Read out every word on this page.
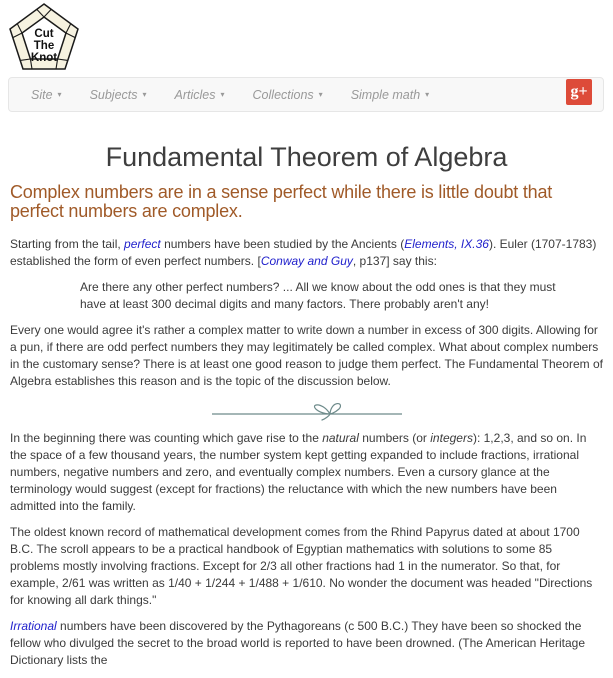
Cut
The
Knot
Site ▾ Subjects ▾ Articles ▾ Collections ▾ Simple math ▾	g+
Fundamental Theorem of Algebra
Complex numbers are in a sense perfect while there is little doubt that perfect numbers are complex.

Starting from the tail, perfect numbers have been studied by the Ancients (Elements, IX.36). Euler (1707-1783) established the form of even perfect numbers. [Conway and Guy, p137] say this:

Are there any other perfect numbers? ... All we know about the odd ones is that they must have at least 300 decimal digits and many factors. There probably aren't any!

Every one would agree it's rather a complex matter to write down a number in excess of 300 digits. Allowing for a pun, if there are odd perfect numbers they may legitimately be called complex. What about complex numbers in the customary sense? There is at least one good reason to judge them perfect. The Fundamental Theorem of Algebra establishes this reason and is the topic of the discussion below.

In the beginning there was counting which gave rise to the natural numbers (or integers): 1,2,3, and so on. In the space of a few thousand years, the number system kept getting expanded to include fractions, irrational numbers, negative numbers and zero, and eventually complex numbers. Even a cursory glance at the terminology would suggest (except for fractions) the reluctance with which the new numbers have been admitted into the family.

The oldest known record of mathematical development comes from the Rhind Papyrus dated at about 1700 B.C. The scroll appears to be a practical handbook of Egyptian mathematics with solutions to some 85 problems mostly involving fractions. Except for 2/3 all other fractions had 1 in the numerator. So that, for example, 2/61 was written as 1/40 + 1/244 + 1/488 + 1/610. No wonder the document was headed "Directions for knowing all dark things."

Irrational numbers have been discovered by the Pythagoreans (c 500 B.C.) They have been so shocked the fellow who divulged the secret to the broad world is reported to have been drowned. (The American Heritage Dictionary lists the
